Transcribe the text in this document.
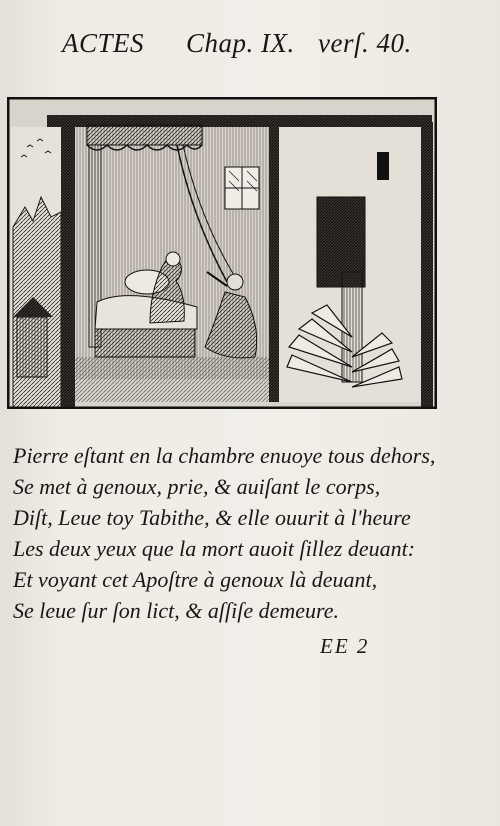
ACTES Chap. IX. verſ. 40.
Pierre eſtant en la chambre enuoye tous dehors,
Se met à genoux, prie, & auiſant le corps,
Diſt, Leue toy Tabithe, & elle ouurit à l'heure
Les deux yeux que la mort auoit ſillez deuant:
Et voyant cet Apoſtre à genoux là deuant,
Se leue ſur ſon lict, & aſſiſe demeure.
EE 2
